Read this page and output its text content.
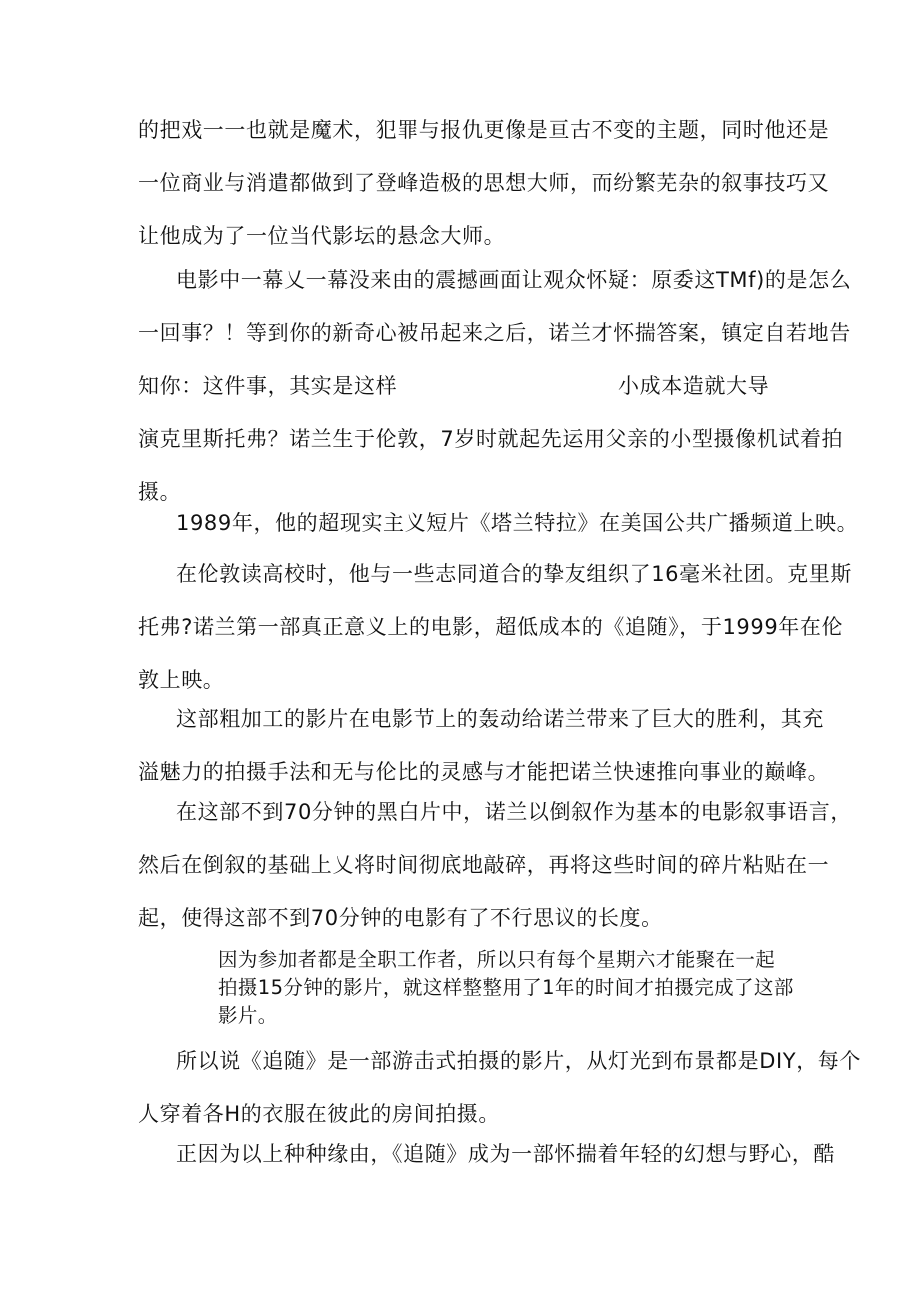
的把戏一一也就是魔术，犯罪与报仇更像是亘古不变的主题，同时他还是
一位商业与消遣都做到了登峰造极的思想大师，而纷繁芜杂的叙事技巧又
让他成为了一位当代影坛的悬念大师。
电影中一幕乂一幕没来由的震撼画面让观众怀疑：原委这TMf)的是怎么
一回事？！等到你的新奇心被吊起来之后，诺兰才怀揣答案，镇定自若地告
知你：这件事，其实是这样	小成本造就大导
演克里斯托弗？诺兰生于伦敦，7岁时就起先运用父亲的小型摄像机试着拍
摄。
1989年，他的超现实主义短片《塔兰特拉》在美国公共广播频道上映。
在伦敦读高校时，他与一些志同道合的挚友组织了16毫米社团。克里斯
托弗?诺兰第一部真正意义上的电影，超低成本的《追随》，于1999年在伦
敦上映。
这部粗加工的影片在电影节上的轰动给诺兰带来了巨大的胜利，其充
溢魅力的拍摄手法和无与伦比的灵感与才能把诺兰快速推向事业的巅峰。
在这部不到70分钟的黑白片中，诺兰以倒叙作为基本的电影叙事语言，
然后在倒叙的基础上乂将时间彻底地敲碎，再将这些时间的碎片粘贴在一
起，使得这部不到70分钟的电影有了不行思议的长度。
因为参加者都是全职工作者，所以只有每个星期六才能聚在一起
拍摄15分钟的影片，就这样整整用了1年的时间才拍摄完成了这部
影片。
所以说《追随》是一部游击式拍摄的影片，从灯光到布景都是DIY，每个
人穿着各H的衣服在彼此的房间拍摄。
正因为以上种种缘由，《追随》成为一部怀揣着年轻的幻想与野心，酷
